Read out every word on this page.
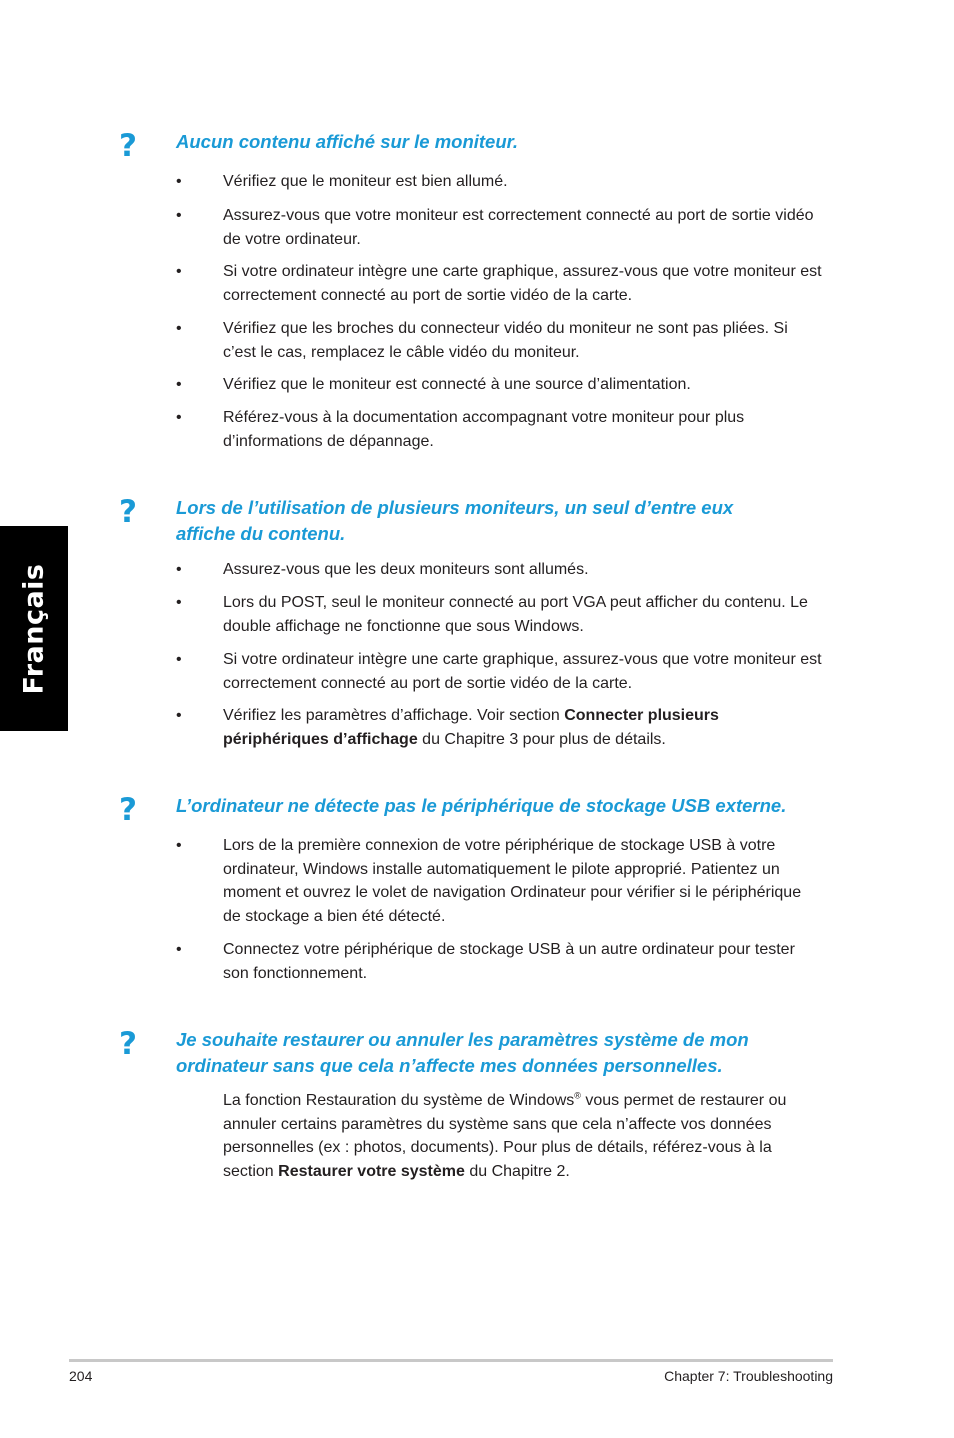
Français
? Aucun contenu affiché sur le moniteur.
•	Vérifiez que le moniteur est bien allumé.
•	Assurez-vous que votre moniteur est correctement connecté au port de sortie vidéo de votre ordinateur.
•	Si votre ordinateur intègre une carte graphique, assurez-vous que votre moniteur est correctement connecté au port de sortie vidéo de la carte.
•	Vérifiez que les broches du connecteur vidéo du moniteur ne sont pas pliées. Si c’est le cas, remplacez le câble vidéo du moniteur.
•	Vérifiez que le moniteur est connecté à une source d’alimentation.
•	Référez-vous à la documentation accompagnant votre moniteur pour plus d’informations de dépannage.
? Lors de l’utilisation de plusieurs moniteurs, un seul d’entre eux affiche du contenu.
•	Assurez-vous que les deux moniteurs sont allumés.
•	Lors du POST, seul le moniteur connecté au port VGA peut afficher du contenu. Le double affichage ne fonctionne que sous Windows.
•	Si votre ordinateur intègre une carte graphique, assurez-vous que votre moniteur est correctement connecté au port de sortie vidéo de la carte.
•	Vérifiez les paramètres d’affichage. Voir section Connecter plusieurs périphériques d’affichage du Chapitre 3 pour plus de détails.
? L’ordinateur ne détecte pas le périphérique de stockage USB externe.
•	Lors de la première connexion de votre périphérique de stockage USB à votre ordinateur, Windows installe automatiquement le pilote approprié. Patientez un moment et ouvrez le volet de navigation Ordinateur pour vérifier si le périphérique de stockage a bien été détecté.
•	Connectez votre périphérique de stockage USB à un autre ordinateur pour tester son fonctionnement.
? Je souhaite restaurer ou annuler les paramètres système de mon ordinateur sans que cela n’affecte mes données personnelles.

La fonction Restauration du système de Windows® vous permet de restaurer ou annuler certains paramètres du système sans que cela n’affecte vos données personnelles (ex : photos, documents). Pour plus de détails, référez-vous à la section Restaurer votre système du Chapitre 2.

204	Chapter 7: Troubleshooting
